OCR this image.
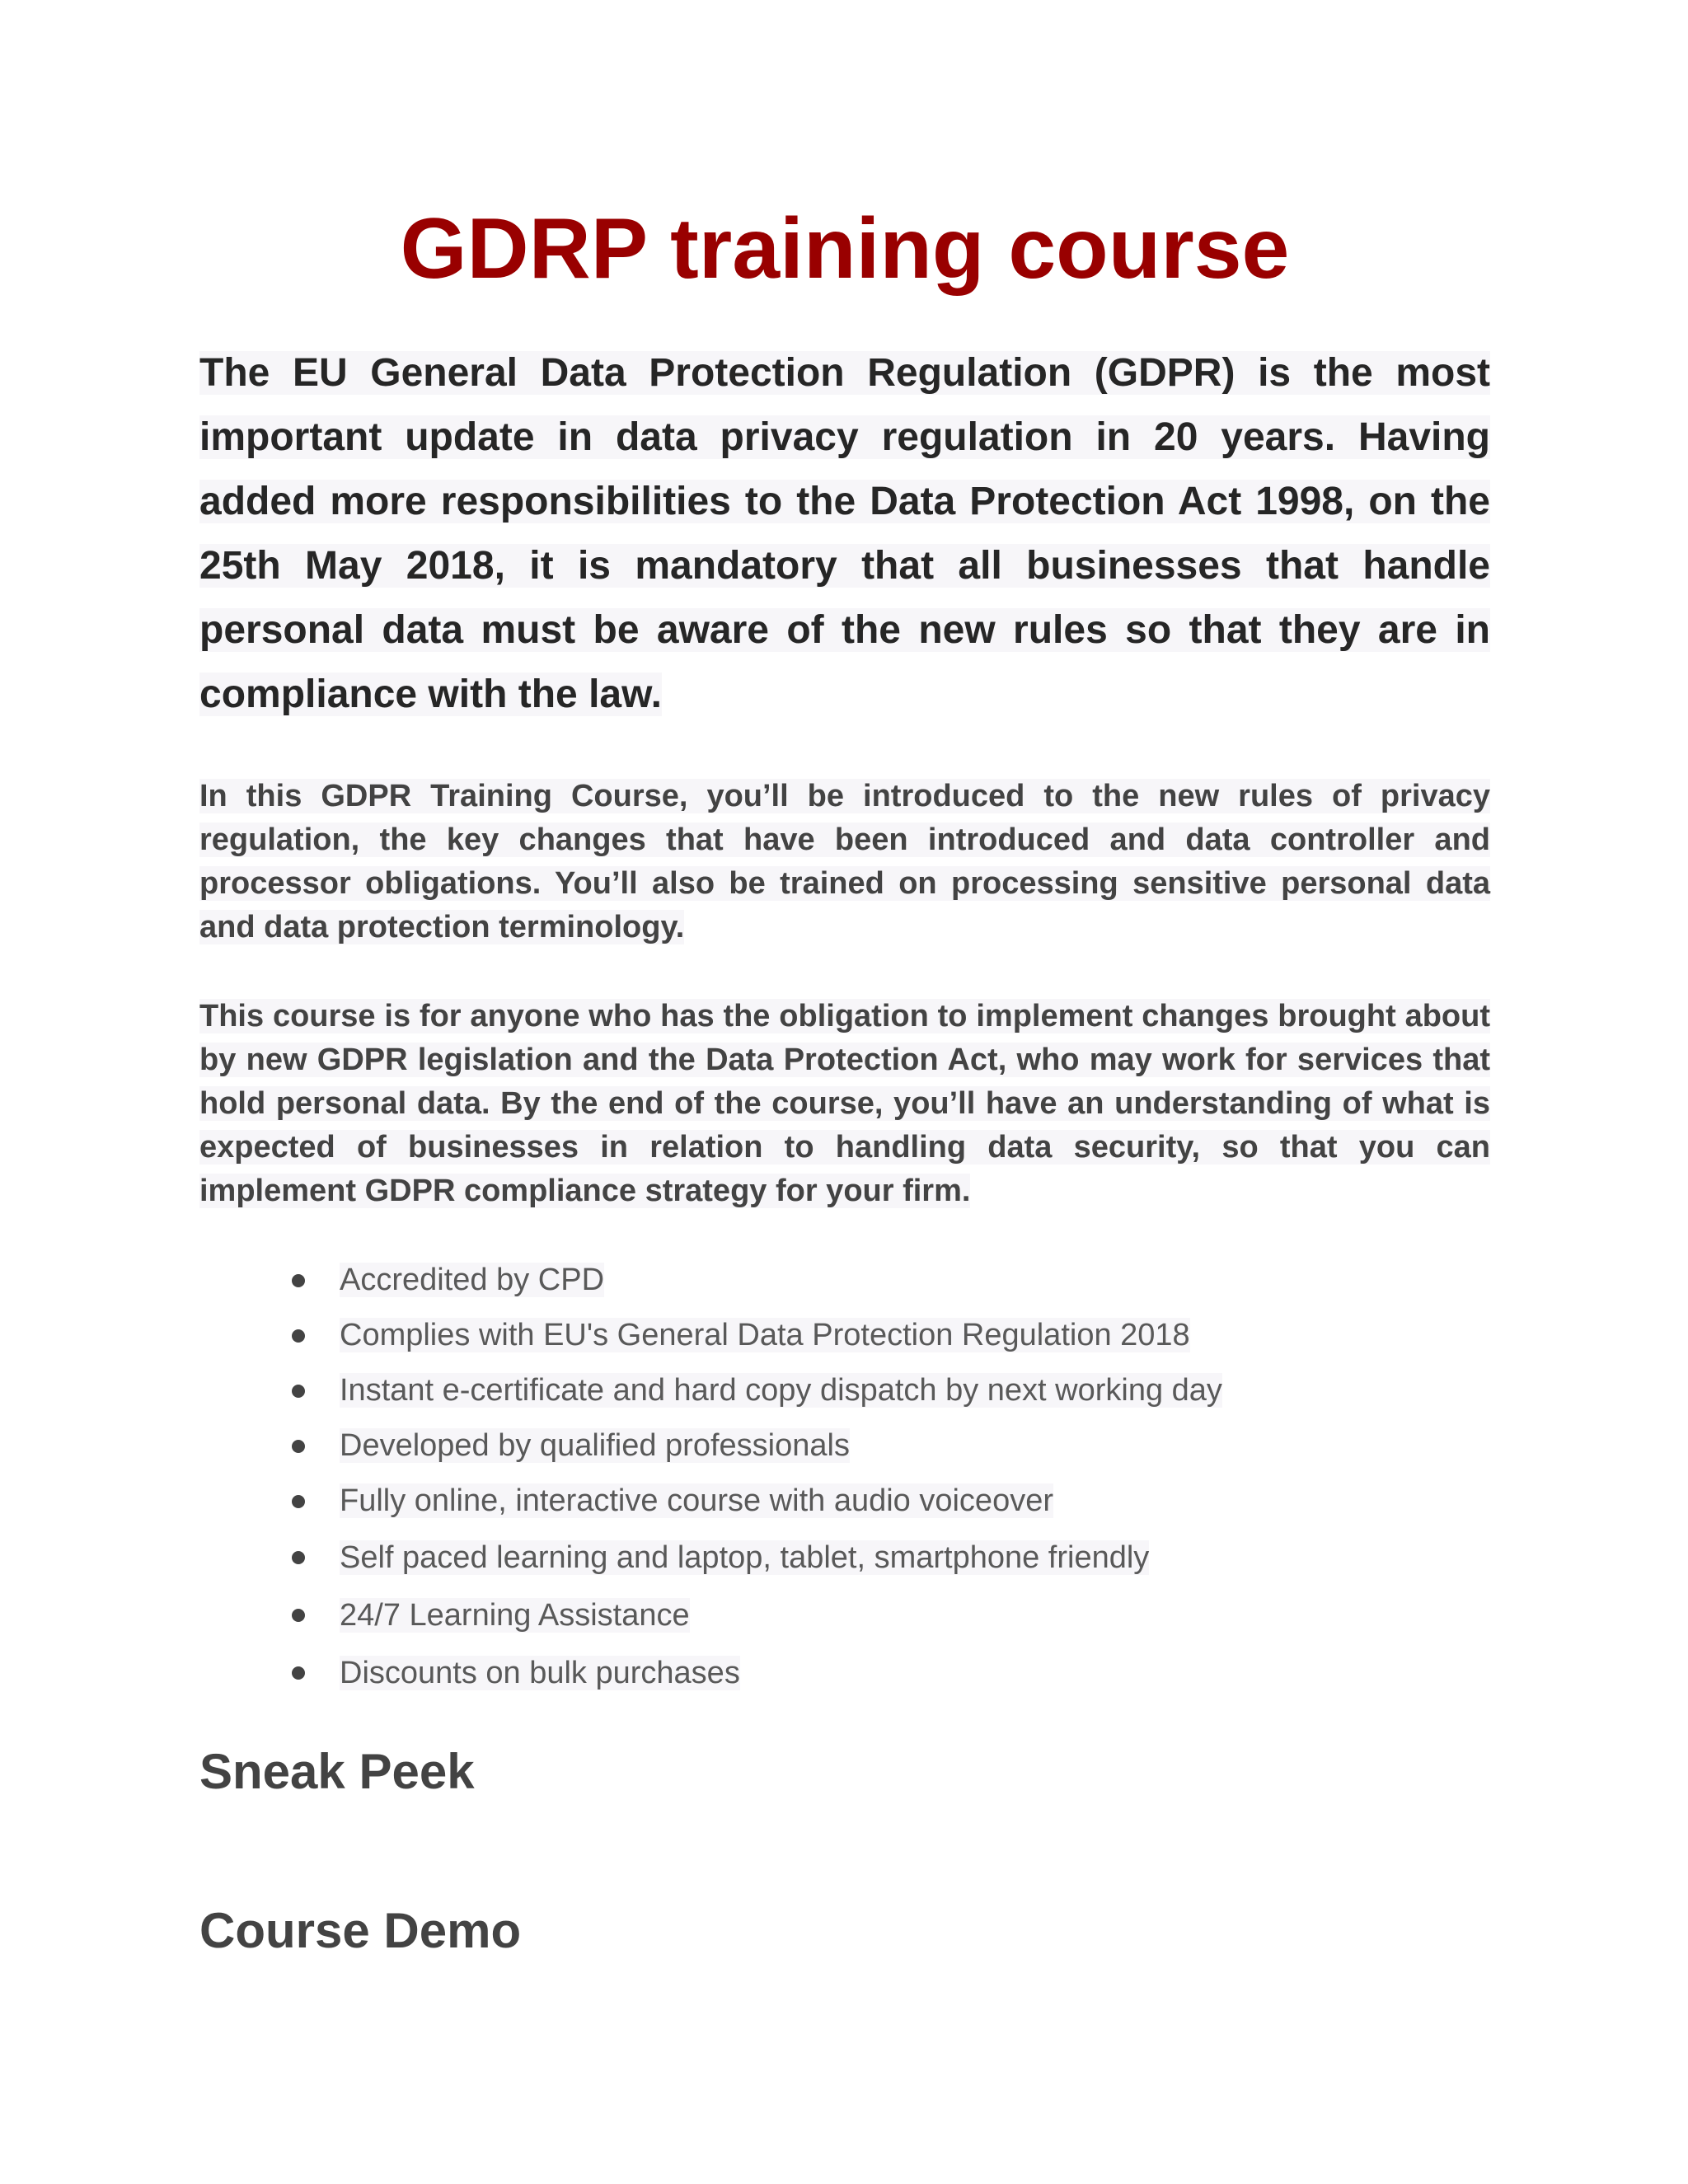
GDRP training course

The EU General Data Protection Regulation (GDPR) is the most important update in data privacy regulation in 20 years. Having added more responsibilities to the Data Protection Act 1998, on the 25th May 2018, it is mandatory that all businesses that handle personal data must be aware of the new rules so that they are in compliance with the law.

In this GDPR Training Course, you’ll be introduced to the new rules of privacy regulation, the key changes that have been introduced and data controller and processor obligations. You’ll also be trained on processing sensitive personal data and data protection terminology.

This course is for anyone who has the obligation to implement changes brought about by new GDPR legislation and the Data Protection Act, who may work for services that hold personal data. By the end of the course, you’ll have an understanding of what is expected of businesses in relation to handling data security, so that you can implement GDPR compliance strategy for your firm.

Accredited by CPD
Complies with EU's General Data Protection Regulation 2018
Instant e-certificate and hard copy dispatch by next working day
Developed by qualified professionals
Fully online, interactive course with audio voiceover
Self paced learning and laptop, tablet, smartphone friendly
24/7 Learning Assistance
Discounts on bulk purchases
Sneak Peek
Course Demo
